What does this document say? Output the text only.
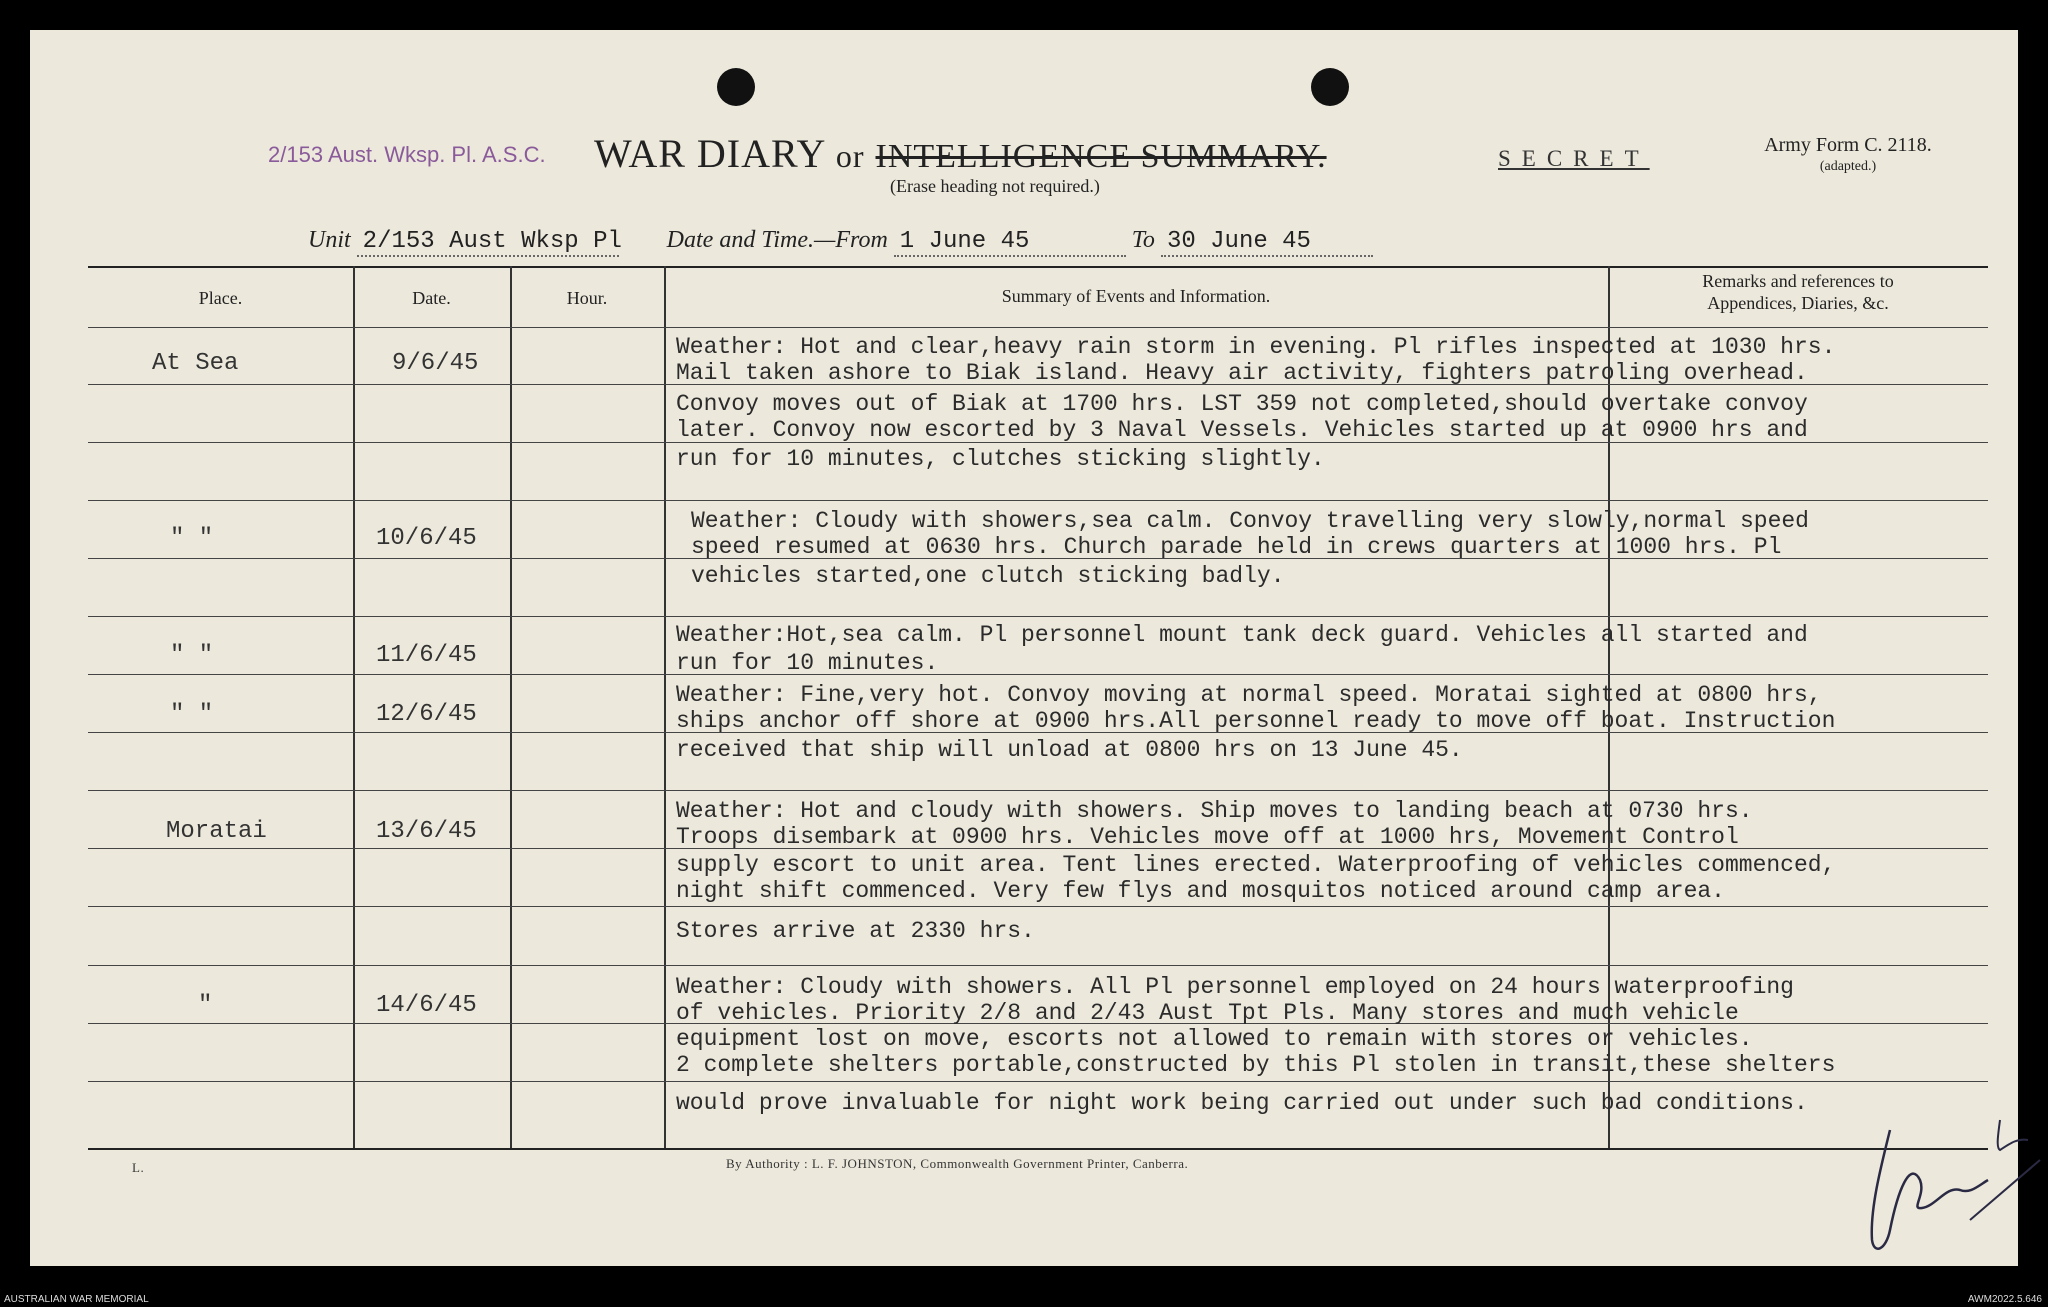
2/153 Aust. Wksp. Pl. A.S.C. WAR DIARY or INTELLIGENCE SUMMARY.
(Erase heading not required.)
SECRET
Army Form C. 2118.
(adapted.)
Unit 2/153 Aust Wksp Pl Date and Time.—From 1 June 45	To 30 June 45
Place.	Date.	Hour.	Summary of Events and Information.
Remarks and references to
Appendices, Diaries, &c.
At Sea	9/6/45
Weather: Hot and clear,heavy rain storm in evening. Pl rifles inspected at 1030 hrs.
Mail taken ashore to Biak island. Heavy air activity, fighters patroling overhead.
Convoy moves out of Biak at 1700 hrs. LST 359 not completed,should overtake convoy
later. Convoy now escorted by 3 Naval Vessels. Vehicles started up at 0900 hrs and
run for 10 minutes, clutches sticking slightly.
" "	10/6/45
Weather: Cloudy with showers,sea calm. Convoy travelling very slowly,normal speed
speed resumed at 0630 hrs. Church parade held in crews quarters at 1000 hrs. Pl
vehicles started,one clutch sticking badly.
" "	11/6/45
Weather:Hot,sea calm. Pl personnel mount tank deck guard. Vehicles all started and
run for 10 minutes.
" "	12/6/45
Weather: Fine,very hot. Convoy moving at normal speed. Moratai sighted at 0800 hrs,
ships anchor off shore at 0900 hrs.All personnel ready to move off boat. Instruction
received that ship will unload at 0800 hrs on 13 June 45.
Moratai	13/6/45
Weather: Hot and cloudy with showers. Ship moves to landing beach at 0730 hrs.
Troops disembark at 0900 hrs. Vehicles move off at 1000 hrs, Movement Control
supply escort to unit area. Tent lines erected. Waterproofing of vehicles commenced,
night shift commenced. Very few flys and mosquitos noticed around camp area.
Stores arrive at 2330 hrs.
"	14/6/45
Weather: Cloudy with showers. All Pl personnel employed on 24 hours waterproofing
of vehicles. Priority 2/8 and 2/43 Aust Tpt Pls. Many stores and much vehicle
equipment lost on move, escorts not allowed to remain with stores or vehicles.
2 complete shelters portable,constructed by this Pl stolen in transit,these shelters
would prove invaluable for night work being carried out under such bad conditions.
L.	By Authority : L. F. JOHNSTON, Commonwealth Government Printer, Canberra.
AUSTRALIAN WAR MEMORIAL	AWM2022.5.646
